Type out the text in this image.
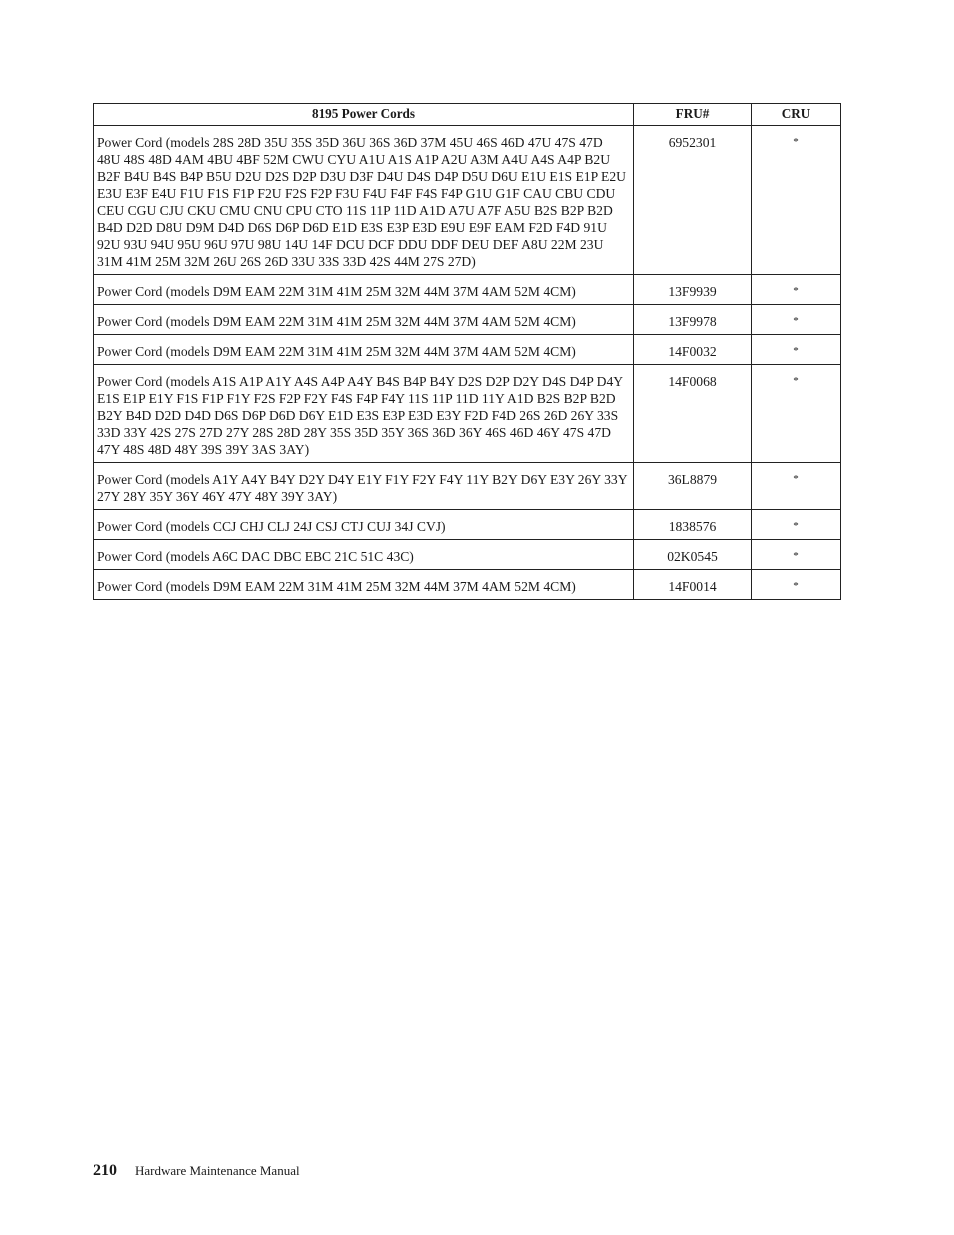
8195 Power Cords	FRU#	CRU
Power Cord (models 28S 28D 35U 35S 35D 36U 36S 36D 37M 45U 46S 46D 47U 47S 47D 48U 48S 48D 4AM 4BU 4BF 52M CWU CYU A1U A1S A1P A2U A3M A4U A4S A4P B2U B2F B4U B4S B4P B5U D2U D2S D2P D3U D3F D4U D4S D4P D5U D6U E1U E1S E1P E2U E3U E3F E4U F1U F1S F1P F2U F2S F2P F3U F4U F4F F4S F4P G1U G1F CAU CBU CDU CEU CGU CJU CKU CMU CNU CPU CTO 11S 11P 11D A1D A7U A7F A5U B2S B2P B2D B4D D2D D8U D9M D4D D6S D6P D6D E1D E3S E3P E3D E9U E9F EAM F2D F4D 91U 92U 93U 94U 95U 96U 97U 98U 14U 14F DCU DCF DDU DDF DEU DEF A8U 22M 23U 31M 41M 25M 32M 26U 26S 26D 33U 33S 33D 42S 44M 27S 27D)	6952301	*
Power Cord (models D9M EAM 22M 31M 41M 25M 32M 44M 37M 4AM 52M 4CM)	13F9939	*
Power Cord (models D9M EAM 22M 31M 41M 25M 32M 44M 37M 4AM 52M 4CM)	13F9978	*
Power Cord (models D9M EAM 22M 31M 41M 25M 32M 44M 37M 4AM 52M 4CM)	14F0032	*
Power Cord (models A1S A1P A1Y A4S A4P A4Y B4S B4P B4Y D2S D2P D2Y D4S D4P D4Y E1S E1P E1Y F1S F1P F1Y F2S F2P F2Y F4S F4P F4Y 11S 11P 11D 11Y A1D B2S B2P B2D B2Y B4D D2D D4D D6S D6P D6D D6Y E1D E3S E3P E3D E3Y F2D F4D 26S 26D 26Y 33S 33D 33Y 42S 27S 27D 27Y 28S 28D 28Y 35S 35D 35Y 36S 36D 36Y 46S 46D 46Y 47S 47D 47Y 48S 48D 48Y 39S 39Y 3AS 3AY)	14F0068	*
Power Cord (models A1Y A4Y B4Y D2Y D4Y E1Y F1Y F2Y F4Y 11Y B2Y D6Y E3Y 26Y 33Y 27Y 28Y 35Y 36Y 46Y 47Y 48Y 39Y 3AY)	36L8879	*
Power Cord (models CCJ CHJ CLJ 24J CSJ CTJ CUJ 34J CVJ)	1838576	*
Power Cord (models A6C DAC DBC EBC 21C 51C 43C)	02K0545	*
Power Cord (models D9M EAM 22M 31M 41M 25M 32M 44M 37M 4AM 52M 4CM)	14F0014	*
210 Hardware Maintenance Manual
